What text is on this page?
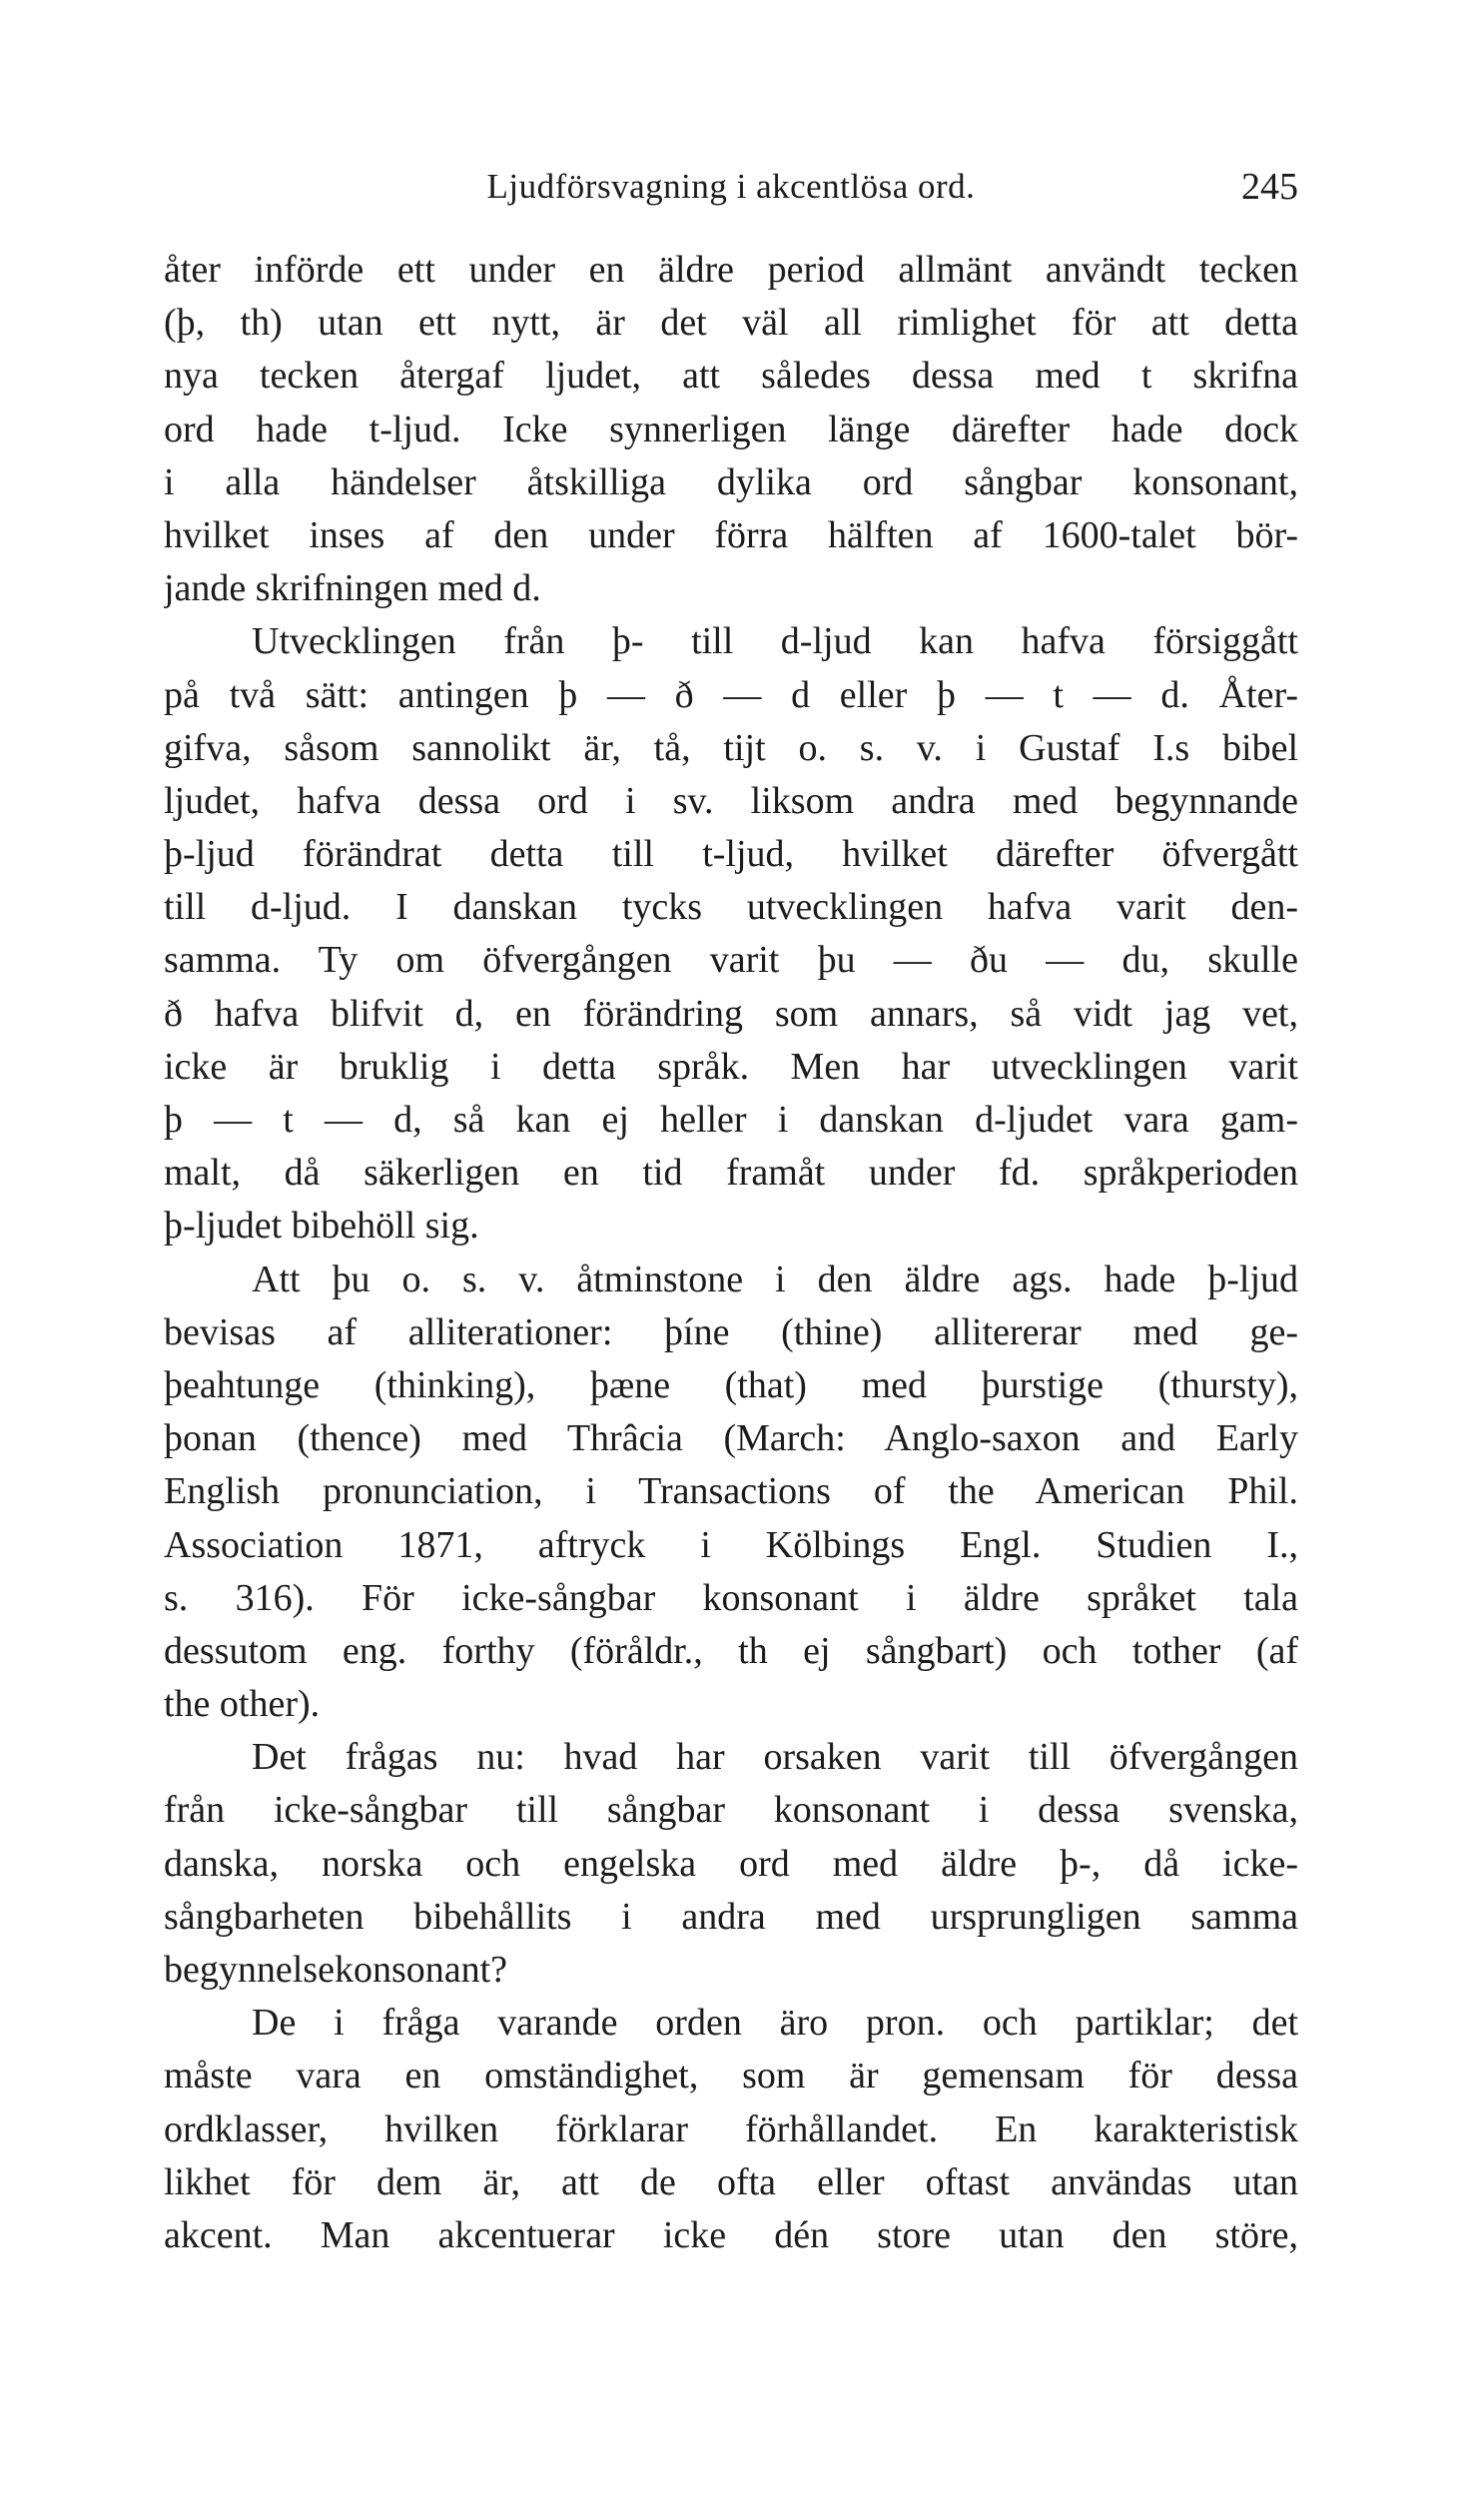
Ljudförsvagning i akcentlösa ord.	245
åter införde ett under en äldre period allmänt användt tecken
(þ, th) utan ett nytt, är det väl all rimlighet för att detta
nya tecken återgaf ljudet, att således dessa med t skrifna
ord hade t-ljud. Icke synnerligen länge därefter hade dock
i alla händelser åtskilliga dylika ord sångbar konsonant,
hvilket inses af den under förra hälften af 1600-talet bör-
jande skrifningen med d.
Utvecklingen från þ- till d-ljud kan hafva försiggått
på två sätt: antingen þ — ð — d eller þ — t — d. Åter-
gifva, såsom sannolikt är, tå, tijt o. s. v. i Gustaf I.s bibel
ljudet, hafva dessa ord i sv. liksom andra med begynnande
þ-ljud förändrat detta till t-ljud, hvilket därefter öfvergått
till d-ljud. I danskan tycks utvecklingen hafva varit den-
samma. Ty om öfvergången varit þu — ðu — du, skulle
ð hafva blifvit d, en förändring som annars, så vidt jag vet,
icke är bruklig i detta språk. Men har utvecklingen varit
þ — t — d, så kan ej heller i danskan d-ljudet vara gam-
malt, då säkerligen en tid framåt under fd. språkperioden
þ-ljudet bibehöll sig.
Att þu o. s. v. åtminstone i den äldre ags. hade þ-ljud
bevisas af alliterationer: þíne (thine) allitererar med ge-
þeahtunge (thinking), þæne (that) med þurstige (thursty),
þonan (thence) med Thrâcia (March: Anglo-saxon and Early
English pronunciation, i Transactions of the American Phil.
Association 1871, aftryck i Kölbings Engl. Studien I.,
s. 316). För icke-sångbar konsonant i äldre språket tala
dessutom eng. forthy (föråldr., th ej sångbart) och tother (af
the other).
Det frågas nu: hvad har orsaken varit till öfvergången
från icke-sångbar till sångbar konsonant i dessa svenska,
danska, norska och engelska ord med äldre þ-, då icke-
sångbarheten bibehållits i andra med ursprungligen samma
begynnelsekonsonant?
De i fråga varande orden äro pron. och partiklar; det
måste vara en omständighet, som är gemensam för dessa
ordklasser, hvilken förklarar förhållandet. En karakteristisk
likhet för dem är, att de ofta eller oftast användas utan
akcent. Man akcentuerar icke dén store utan den störe,
